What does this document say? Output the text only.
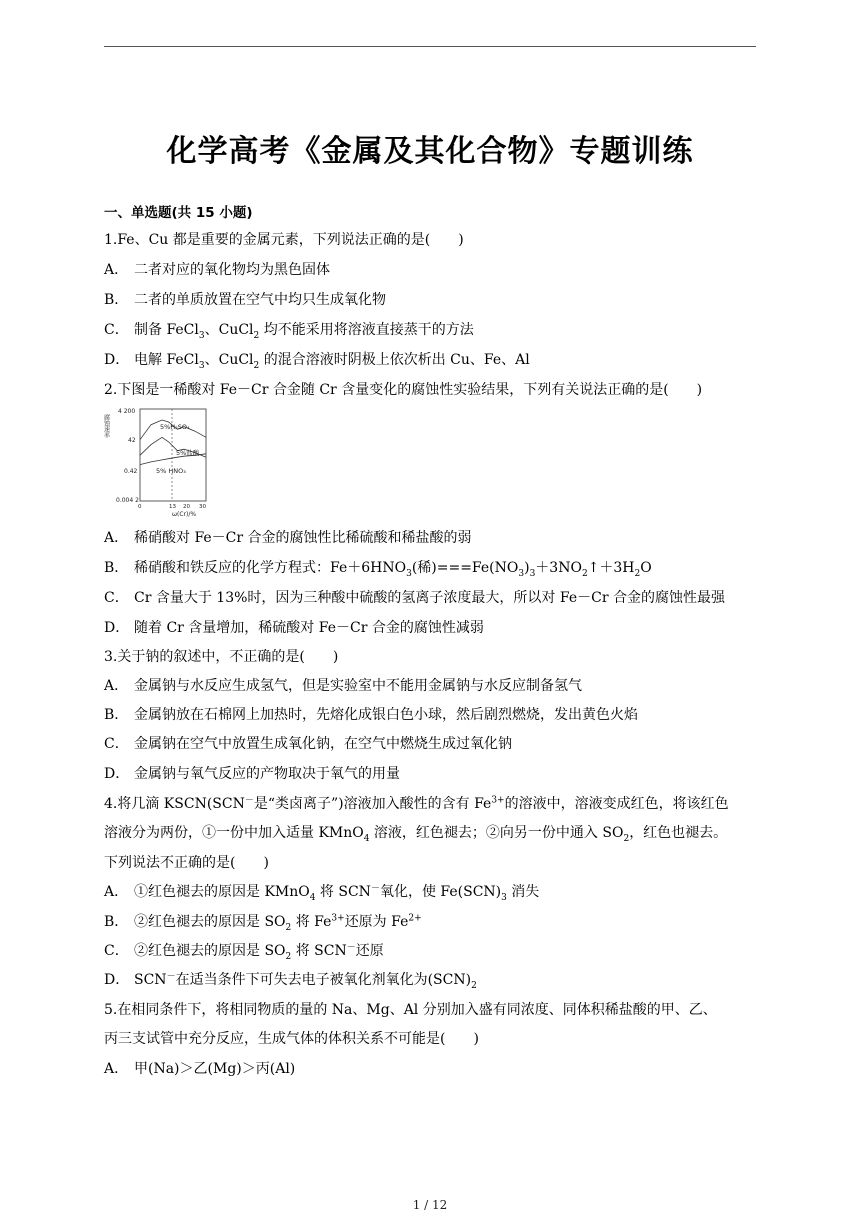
化学高考《金属及其化合物》专题训练
一、单选题(共 15 小题)
1.Fe、Cu 都是重要的金属元素，下列说法正确的是(　　)
A． 二者对应的氧化物均为黑色固体
B． 二者的单质放置在空气中均只生成氧化物
C． 制备 FeCl$_3$、CuCl$_2$ 均不能采用将溶液直接蒸干的方法
D． 电解 FeCl$_3$、CuCl$_2$ 的混合溶液时阴极上依次析出 Cu、Fe、Al
2.下图是一稀酸对 Fe－Cr 合金随 Cr 含量变化的腐蚀性实验结果，下列有关说法正确的是(　　)
腐蚀速率
4 200
42
0.42
0.004 2
5%H₂SO₄
5%盐酸
5% HNO₃
0	13 20 30
ω(Cr)/%
A． 稀硝酸对 Fe－Cr 合金的腐蚀性比稀硫酸和稀盐酸的弱
B． 稀硝酸和铁反应的化学方程式：$Fe+6HNO_3$(稀)$===Fe(NO_3)_3+3NO_2↑+3H_2O$
C． Cr 含量大于 13%时，因为三种酸中硫酸的氢离子浓度最大，所以对 Fe－Cr 合金的腐蚀性最强
D． 随着 Cr 含量增加，稀硫酸对 Fe－Cr 合金的腐蚀性减弱
3.关于钠的叙述中，不正确的是(　　)
A． 金属钠与水反应生成氢气，但是实验室中不能用金属钠与水反应制备氢气
B． 金属钠放在石棉网上加热时，先熔化成银白色小球，然后剧烈燃烧，发出黄色火焰
C． 金属钠在空气中放置生成氧化钠，在空气中燃烧生成过氧化钠
D． 金属钠与氧气反应的产物取决于氧气的用量
4.将几滴 KSCN(SCN－是“类卤离子”)溶液加入酸性的含有 $Fe^{3+}$的溶液中，溶液变成红色，将该红色
溶液分为两份，①一份中加入适量 KMnO$_4$ 溶液，红色褪去；②向另一份中通入 $SO_2$，红色也褪去。
下列说法不正确的是(　　)
A． ①红色褪去的原因是 KMnO$_4$ 将 SCN－氧化，使 $Fe(SCN)_3$ 消失
B． ②红色褪去的原因是 $SO_2$ 将 $Fe^{3+}$还原为 $Fe^{2+}$
C． ②红色褪去的原因是 $SO_2$ 将 SCN－还原
D． SCN－在适当条件下可失去电子被氧化剂氧化为$(SCN)_2$
5.在相同条件下，将相同物质的量的 Na、Mg、Al 分别加入盛有同浓度、同体积稀盐酸的甲、乙、
丙三支试管中充分反应，生成气体的体积关系不可能是(　　)
A． 甲(Na)＞乙(Mg)＞丙(Al)
1 / 12
